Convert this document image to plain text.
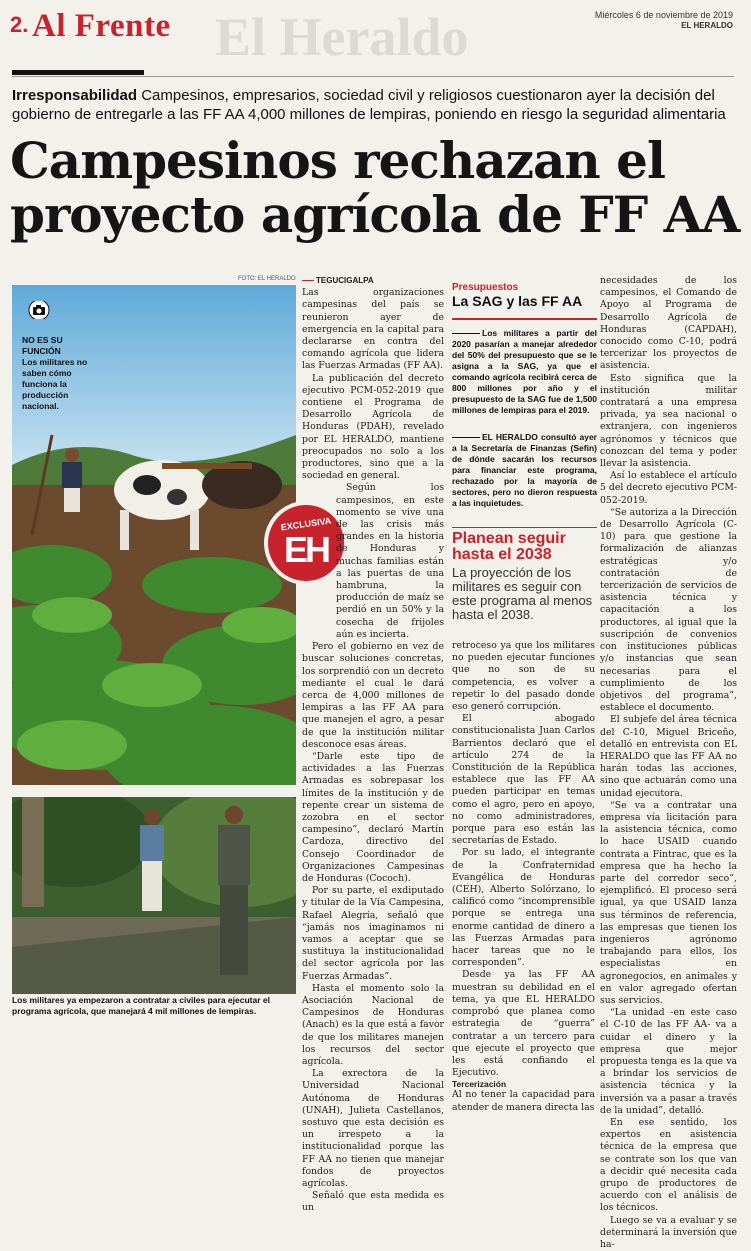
El Heraldo
2. Al Frente	Miércoles 6 de noviembre de 2019
EL HERALDO
Irresponsabilidad Campesinos, empresarios, sociedad civil y religiosos cuestionaron ayer la decisión del gobierno de entregarle a las FF AA 4,000 millones de lempiras, poniendo en riesgo la seguridad alimentaria
Campesinos rechazan el proyecto agrícola de FF AA
FOTO: EL HERALDO
NO ES SU FUNCIÓN
Los militares no saben cómo funciona la producción nacional.
EXCLUSIVA
EH
Los militares ya empezaron a contratar a civiles para ejecutar el programa agrícola, que manejará 4 mil millones de lempiras.

TEGUCIGALPA

Las organizaciones campesinas del país se reunieron ayer de emergencia en la capital para declararse en contra del comando agrícola que lidera las Fuerzas Armadas (FF AA).

La publicación del decreto ejecutivo PCM-052-2019 que contiene el Programa de Desarrollo Agrícola de Honduras (PDAH), revelado por EL HERALDO, mantiene preocupados no solo a los productores, sino que a la sociedad en general.

Según los campesinos, en este momento se vive una de las crisis más grandes en la historia de Honduras y muchas familias están a las puertas de una hambruna, la producción de maíz se perdió en un 50% y la cosecha de frijoles aún es incierta.

Pero el gobierno en vez de buscar soluciones concretas, los sorprendió con un decreto mediante el cual le dará cerca de 4,000 millones de lempiras a las FF AA para que manejen el agro, a pesar de que la institución militar desconoce esas áreas.

“Darle este tipo de actividades a las Fuerzas Armadas es sobrepasar los límites de la institución y de repente crear un sistema de zozobra en el sector campesino”, declaró Martín Cardoza, directivo del Consejo Coordinador de Organizaciones Campesinas de Honduras (Cococh).

Por su parte, el exdiputado y titular de la Vía Campesina, Rafael Alegría, señaló que “jamás nos imaginamos ni vamos a aceptar que se sustituya la institucionalidad del sector agrícola por las Fuerzas Armadas”.

Hasta el momento solo la Asociación Nacional de Campesinos de Honduras (Anach) es la que está a favor de que los militares manejen los recursos del sector agrícola.

La exrectora de la Universidad Nacional Autónoma de Honduras (UNAH), Julieta Castellanos, sostuvo que esta decisión es un irrespeto a la institucionalidad porque las FF AA no tienen que manejar fondos de proyectos agrícolas.

Señaló que esta medida es un

Presupuestos
La SAG y las FF AA
Los militares a partir del 2020 pasarían a manejar alrededor del 50% del presupuesto que se le asigna a la SAG, ya que el comando agrícola recibirá cerca de 800 millones por año y el presupuesto de la SAG fue de 1,500 millones de lempiras para el 2019.
EL HERALDO consultó ayer a la Secretaría de Finanzas (Sefin) de dónde sacarán los recursos para financiar este programa, rechazado por la mayoría de sectores, pero no dieron respuesta a las inquietudes.
Planean seguir hasta el 2038
La proyección de los militares es seguir con este programa al menos hasta el 2038.

retroceso ya que los militares no pueden ejecutar funciones que no son de su competencia, es volver a repetir lo del pasado donde eso generó corrupción.

El abogado constitucionalista Juan Carlos Barrientos declaró que el artículo 274 de la Constitución de la República establece que las FF AA pueden participar en temas como el agro, pero en apoyo, no como administradores, porque para eso están las secretarías de Estado.

Por su lado, el integrante de la Confraternidad Evangélica de Honduras (CEH), Alberto Solórzano, lo calificó como “incomprensible porque se entrega una enorme cantidad de dinero a las Fuerzas Armadas para hacer tareas que no le corresponden”.

Desde ya las FF AA muestran su debilidad en el tema, ya que EL HERALDO comprobó que planea como estrategia de “guerra” contratar a un tercero para que ejecute el proyecto que les está confiando el Ejecutivo.

Tercerización

Al no tener la capacidad para atender de manera directa las

necesidades de los campesinos, el Comando de Apoyo al Programa de Desarrollo Agrícola de Honduras (CAPDAH), conocido como C-10, podrá tercerizar los proyectos de asistencia.

Esto significa que la institución militar contratará a una empresa privada, ya sea nacional o extranjera, con ingenieros agrónomos y técnicos que conozcan del tema y poder llevar la asistencia.

Así lo establece el artículo 5 del decreto ejecutivo PCM-052-2019.

“Se autoriza a la Dirección de Desarrollo Agrícola (C-10) para que gestione la formalización de alianzas estratégicas y/o contratación de tercerización de servicios de asistencia técnica y capacitación a los productores, al igual que la suscripción de convenios con instituciones públicas y/o instancias que sean necesarias para el cumplimiento de los objetivos del programa”, establece el documento.

El subjefe del área técnica del C-10, Miguel Briceño, detalló en entrevista con EL HERALDO que las FF AA no harán todas las acciones, sino que actuarán como una unidad ejecutora.

“Se va a contratar una empresa vía licitación para la asistencia técnica, como lo hace USAID cuando contrata a Fintrac, que es la empresa que ha hecho la parte del corredor seco”, ejemplificó. El proceso será igual, ya que USAID lanza sus términos de referencia, las empresas que tienen los ingenieros agrónomo trabajando para ellos, los especialistas en agronegocios, en animales y en valor agregado ofertan sus servicios.

“La unidad -en este caso el C-10 de las FF AA- va a cuidar el dinero y la empresa que mejor propuesta tenga es la que va a brindar los servicios de asistencia técnica y la inversión va a pasar a través de la unidad”, detalló.

En ese sentido, los expertos en asistencia técnica de la empresa que se contrate son los que van a decidir qué necesita cada grupo de productores de acuerdo con el análisis de los técnicos.

Luego se va a evaluar y se determinará la inversión que ha-
